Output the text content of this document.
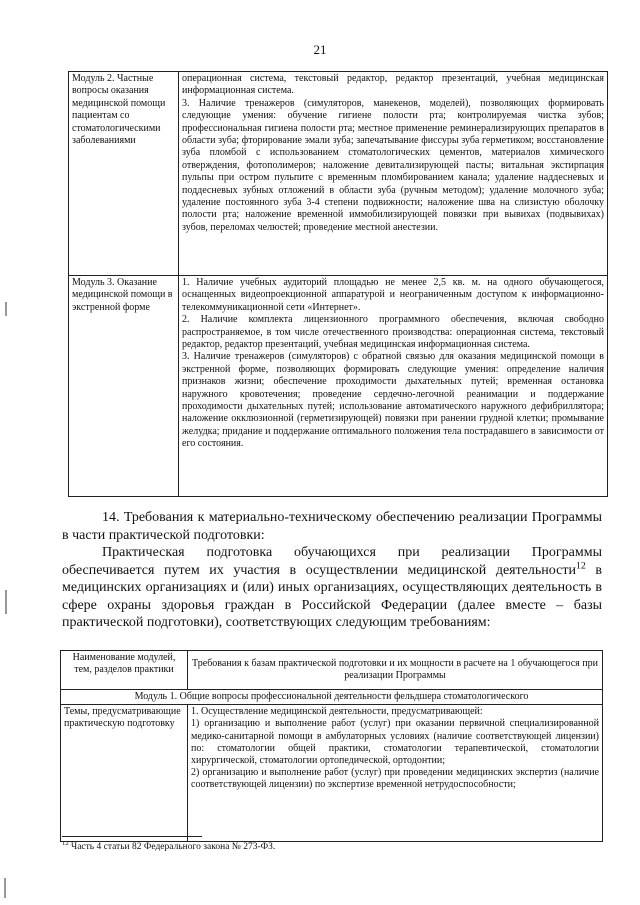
21
Модуль 2. Частные вопросы оказания медицинской помощи пациентам со стоматологическими заболеваниями	операционная система, текстовый редактор, редактор презентаций, учебная медицинская информационная система.
3. Наличие тренажеров (симуляторов, манекенов, моделей), позволяющих формировать следующие умения: обучение гигиене полости рта; контролируемая чистка зубов; профессиональная гигиена полости рта; местное применение реминерализирующих препаратов в области зуба; фторирование эмали зуба; запечатывание фиссуры зуба герметиком; восстановление зуба пломбой с использованием стоматологических цементов, материалов химического отверждения, фотополимеров; наложение девитализирующей пасты; витальная экстирпация пульпы при остром пульпите с временным пломбированием канала; удаление наддесневых и поддесневых зубных отложений в области зуба (ручным методом); удаление молочного зуба; удаление постоянного зуба 3-4 степени подвижности; наложение шва на слизистую оболочку полости рта; наложение временной иммобилизирующей повязки при вывихах (подвывихах) зубов, переломах челюстей; проведение местной анестезии.

Модуль 3. Оказание медицинской помощи в экстренной форме	1. Наличие учебных аудиторий площадью не менее 2,5 кв. м. на одного обучающегося, оснащенных видеопроекционной аппаратурой и неограниченным доступом к информационно-телекоммуникационной сети «Интернет».
2. Наличие комплекта лицензионного программного обеспечения, включая свободно распространяемое, в том числе отечественного производства: операционная система, текстовый редактор, редактор презентаций, учебная медицинская информационная система.
3. Наличие тренажеров (симуляторов) с обратной связью для оказания медицинской помощи в экстренной форме, позволяющих формировать следующие умения: определение наличия признаков жизни; обеспечение проходимости дыхательных путей; временная остановка наружного кровотечения; проведение сердечно-легочной реанимации и поддержание проходимости дыхательных путей; использование автоматического наружного дефибриллятора; наложение окклюзионной (герметизирующей) повязки при ранении грудной клетки; промывание желудка; придание и поддержание оптимального положения тела пострадавшего в зависимости от его состояния.

14. Требования к материально-техническому обеспечению реализации Программы в части практической подготовки:

Практическая подготовка обучающихся при реализации Программы обеспечивается путем их участия в осуществлении медицинской деятельности$^{12}$ в медицинских организациях и (или) иных организациях, осуществляющих деятельность в сфере охраны здоровья граждан в Российской Федерации (далее вместе – базы практической подготовки), соответствующих следующим требованиям:

Наименование модулей, тем, разделов практики	Требования к базам практической подготовки и их мощности в расчете на 1 обучающегося при реализации Программы
Модуль 1. Общие вопросы профессиональной деятельности фельдшера стоматологического	
Темы, предусматривающие практическую подготовку	1. Осуществление медицинской деятельности, предусматривающей:
1) организацию и выполнение работ (услуг) при оказании первичной специализированной медико-санитарной помощи в амбулаторных условиях (наличие соответствующей лицензии) по: стоматологии общей практики, стоматологии терапевтической, стоматологии хирургической, стоматологии ортопедической, ортодонтии;
2) организацию и выполнение работ (услуг) при проведении медицинских экспертиз (наличие соответствующей лицензии) по экспертизе временной нетрудоспособности;
$^{12}$ Часть 4 статьи 82 Федерального закона № 273-ФЗ.
